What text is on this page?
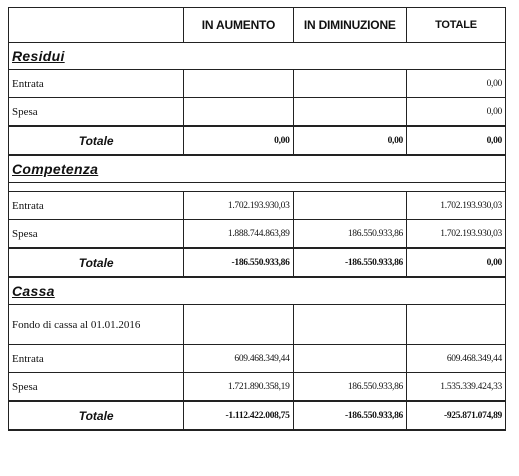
	IN AUMENTO	IN DIMINUZIONE	TOTALE
Residui			
Entrata			0,00
Spesa			0,00
Totale	0,00	0,00	0,00
Competenza			

Entrata	1.702.193.930,03		1.702.193.930,03
Spesa	1.888.744.863,89	186.550.933,86	1.702.193.930,03
Totale	-186.550.933,86	-186.550.933,86	0,00
Cassa			
Fondo di cassa al 01.01.2016			
Entrata	609.468.349,44		609.468.349,44
Spesa	1.721.890.358,19	186.550.933,86	1.535.339.424,33
Totale	-1.112.422.008,75	-186.550.933,86	-925.871.074,89
